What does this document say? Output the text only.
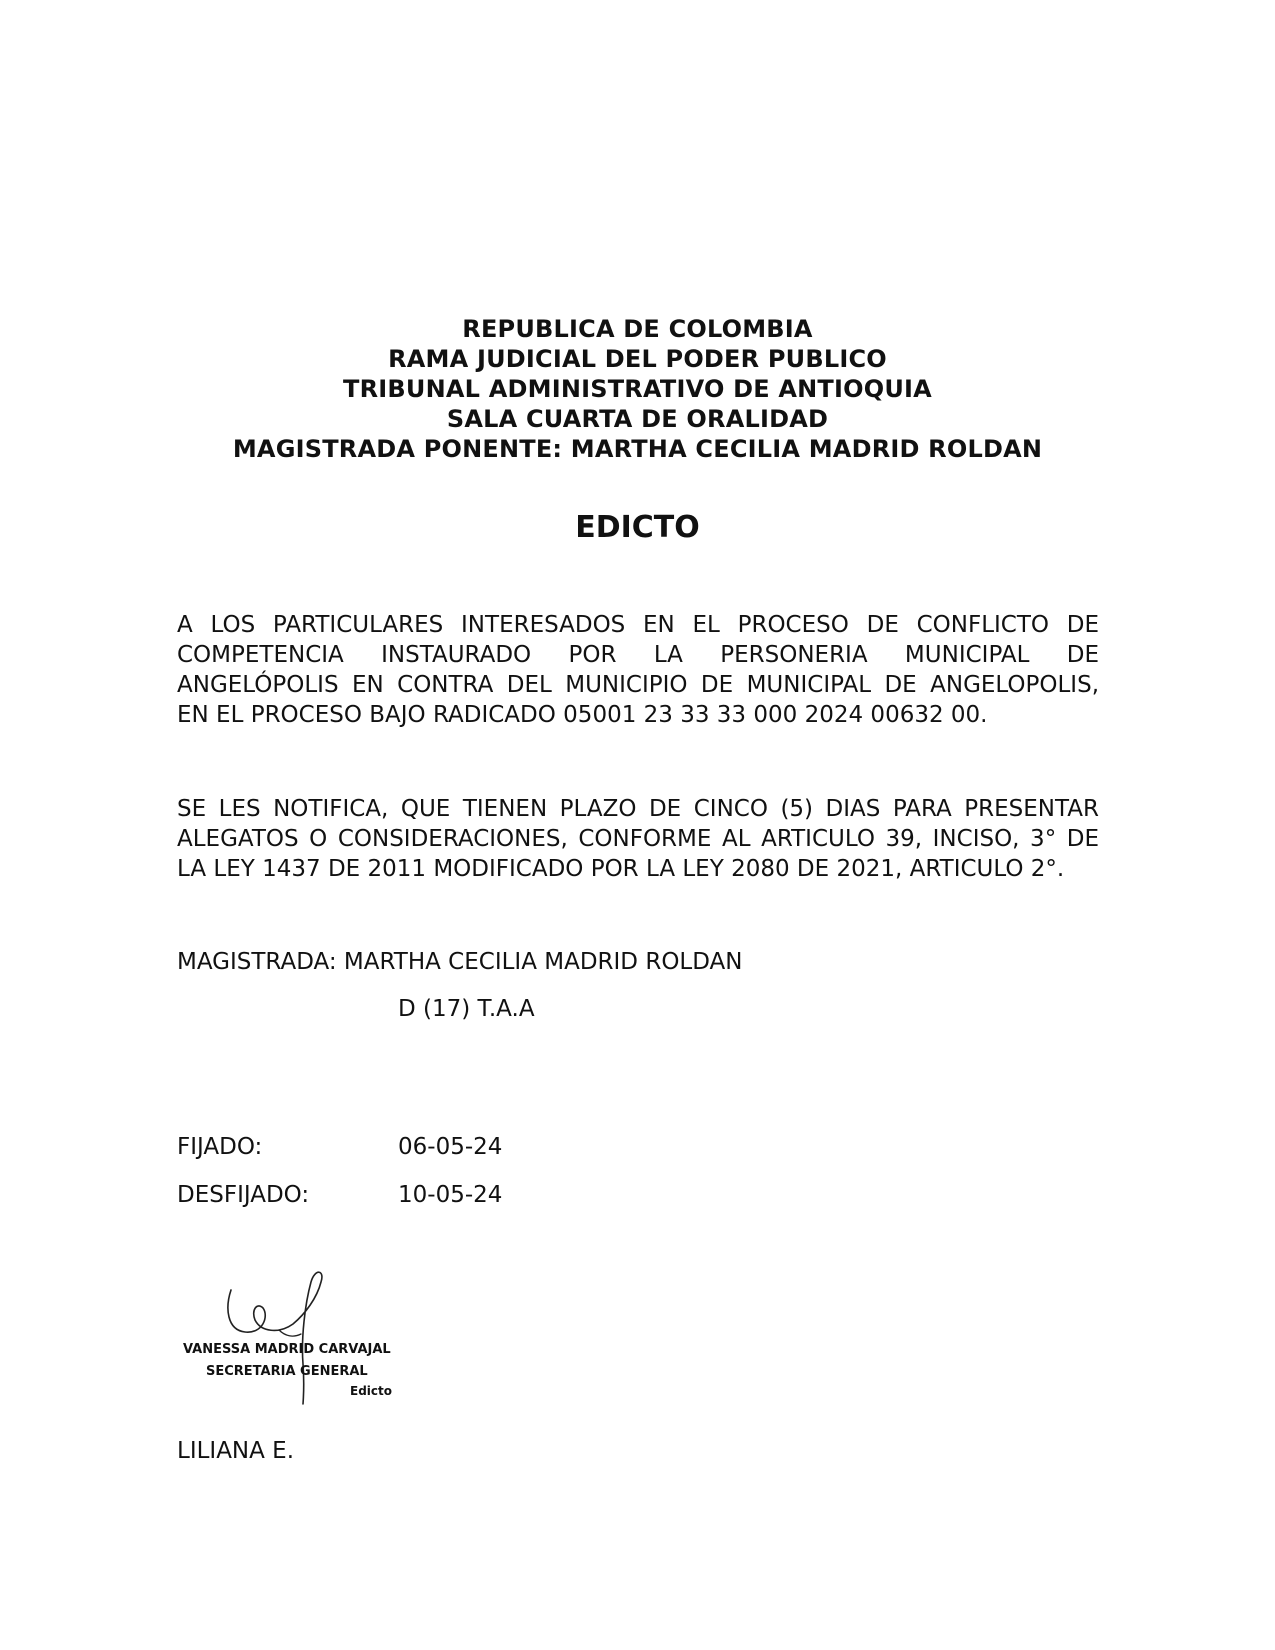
REPUBLICA DE COLOMBIA
RAMA JUDICIAL DEL PODER PUBLICO
TRIBUNAL ADMINISTRATIVO DE ANTIOQUIA
SALA CUARTA DE ORALIDAD
MAGISTRADA PONENTE: MARTHA CECILIA MADRID ROLDAN
EDICTO
A LOS PARTICULARES INTERESADOS EN EL PROCESO DE CONFLICTO DE
COMPETENCIA INSTAURADO POR LA PERSONERIA MUNICIPAL DE
ANGELÓPOLIS EN CONTRA DEL MUNICIPIO DE MUNICIPAL DE ANGELOPOLIS,
EN EL PROCESO BAJO RADICADO 05001 23 33 33 000 2024 00632 00.
SE LES NOTIFICA, QUE TIENEN PLAZO DE CINCO (5) DIAS PARA PRESENTAR
ALEGATOS O CONSIDERACIONES, CONFORME AL ARTICULO 39, INCISO, 3° DE
LA LEY 1437 DE 2011 MODIFICADO POR LA LEY 2080 DE 2021, ARTICULO 2°.
MAGISTRADA: MARTHA CECILIA MADRID ROLDAN
D (17) T.A.A
FIJADO:	06-05-24
DESFIJADO:	10-05-24
VANESSA MADRID CARVAJAL
SECRETARIA GENERAL
Edicto
LILIANA E.
